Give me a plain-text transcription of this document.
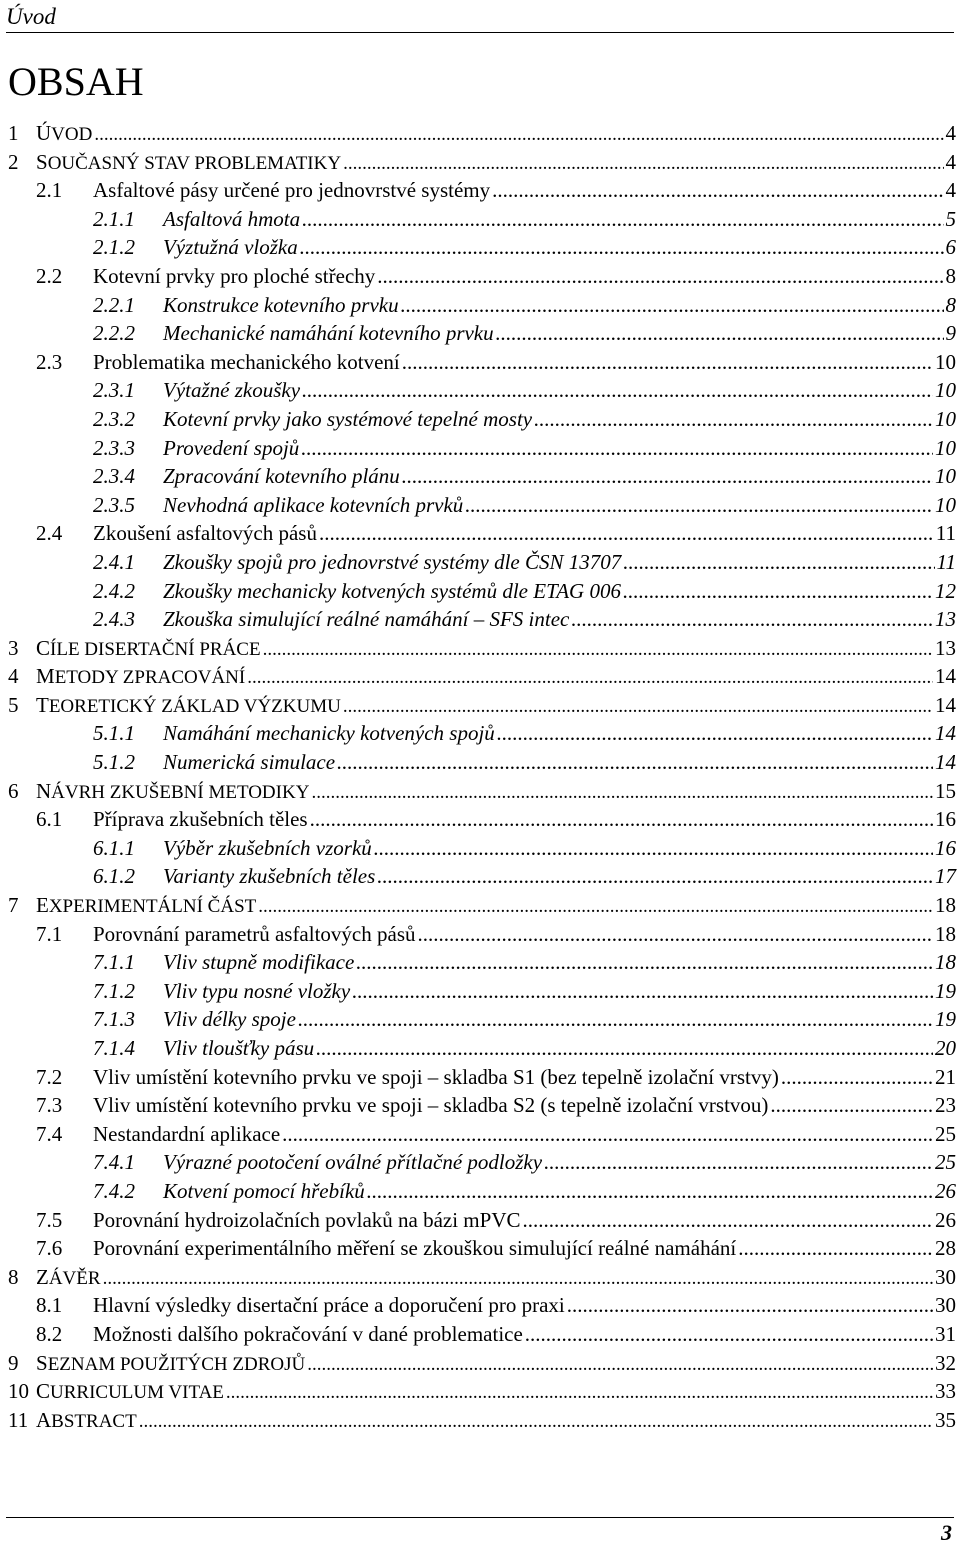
Úvod
OBSAH
1 ÚVOD .....	4
2 SOUČASNÝ STAV PROBLEMATIKY .....	4
2.1	Asfaltové pásy určené pro jednovrstvé systémy .....	4
2.1.1	Asfaltová hmota .....	5
2.1.2	Výztužná vložka .....	6
2.2	Kotevní prvky pro ploché střechy .....	8
2.2.1	Konstrukce kotevního prvku .....	8
2.2.2	Mechanické namáhání kotevního prvku .....	9
2.3	Problematika mechanického kotvení .....	10
2.3.1	Výtažné zkoušky .....	10
2.3.2	Kotevní prvky jako systémové tepelné mosty .....	10
2.3.3	Provedení spojů .....	10
2.3.4	Zpracování kotevního plánu .....	10
2.3.5	Nevhodná aplikace kotevních prvků .....	10
2.4	Zkoušení asfaltových pásů .....	11
2.4.1	Zkoušky spojů pro jednovrstvé systémy dle ČSN 13707 .....	11
2.4.2	Zkoušky mechanicky kotvených systémů dle ETAG 006 .....	12
2.4.3	Zkouška simulující reálné namáhání – SFS intec .....	13
3 CÍLE DISERTAČNÍ PRÁCE .....	13
4 METODY ZPRACOVÁNÍ .....	14
5 TEORETICKÝ ZÁKLAD VÝZKUMU .....	14
5.1.1	Namáhání mechanicky kotvených spojů .....	14
5.1.2	Numerická simulace .....	14
6 NÁVRH ZKUŠEBNÍ METODIKY .....	15
6.1	Příprava zkušebních těles .....	16
6.1.1	Výběr zkušebních vzorků .....	16
6.1.2	Varianty zkušebních těles .....	17
7 EXPERIMENTÁLNÍ ČÁST .....	18
7.1	Porovnání parametrů asfaltových pásů .....	18
7.1.1	Vliv stupně modifikace .....	18
7.1.2	Vliv typu nosné vložky .....	19
7.1.3	Vliv délky spoje .....	19
7.1.4	Vliv tloušťky pásu .....	20
7.2	Vliv umístění kotevního prvku ve spoji – skladba S1 (bez tepelně izolační vrstvy) .....	21
7.3	Vliv umístění kotevního prvku ve spoji – skladba S2 (s tepelně izolační vrstvou) .....	23
7.4	Nestandardní aplikace .....	25
7.4.1	Výrazné pootočení oválné přítlačné podložky .....	25
7.4.2	Kotvení pomocí hřebíků .....	26
7.5	Porovnání hydroizolačních povlaků na bázi mPVC .....	26
7.6	Porovnání experimentálního měření se zkouškou simulující reálné namáhání .....	28
8 ZÁVĚR .....	30
8.1	Hlavní výsledky disertační práce a doporučení pro praxi .....	30
8.2	Možnosti dalšího pokračování v dané problematice .....	31
9 SEZNAM POUŽITÝCH ZDROJŮ .....	32
10 CURRICULUM VITAE .....	33
11 ABSTRACT .....	35
3
